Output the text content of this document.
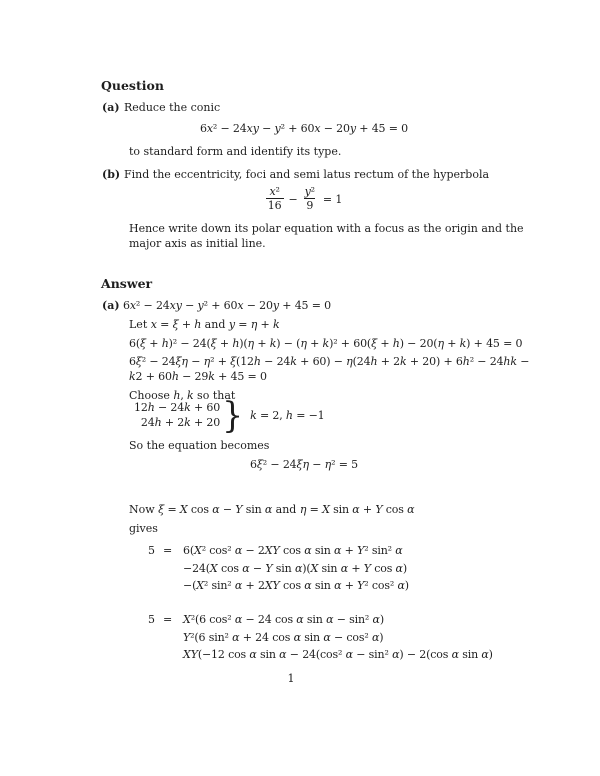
Question
(a) Reduce the conic
6x² − 24xy − y² + 60x − 20y + 45 = 0
to standard form and identify its type.
(b) Find the eccentricity, foci and semi latus rectum of the hyperbola
$\frac{\text{x²}}{16} - \frac{\text{y²}}{9} = 1$
Hence write down its polar equation with a focus as the origin and the
major axis as initial line.
Answer
(a) 6x² − 24xy − y² + 60x − 20y + 45 = 0
Let x = ξ + h and y = η + k
6(ξ + h)² − 24(ξ + h)(η + k) − (η + k)² + 60(ξ + h) − 20(η + k) + 45 = 0
6ξ² − 24ξη − η² + ξ(12h − 24k + 60) − η(24h + 2k + 20) + 6h² − 24hk −
k2 + 60h − 29k + 45 = 0
Choose h, k so that
12h − 24k + 60
24h + 2k + 20 } k = 2, h = −1
So the equation becomes
6ξ² − 24ξη − η² = 5
Now ξ = X cos α − Y sin α and η = X sin α + Y cos α
gives
5 = 6(X² cos² α − 2XY cos α sin α + Y² sin² α
−24(X cos α − Y sin α)(X sin α + Y cos α)
−(X² sin² α + 2XY cos α sin α + Y² cos² α)
5 = X²(6 cos² α − 24 cos α sin α − sin² α)
Y²(6 sin² α + 24 cos α sin α − cos² α)
XY(−12 cos α sin α − 24(cos² α − sin² α) − 2(cos α sin α)
1
